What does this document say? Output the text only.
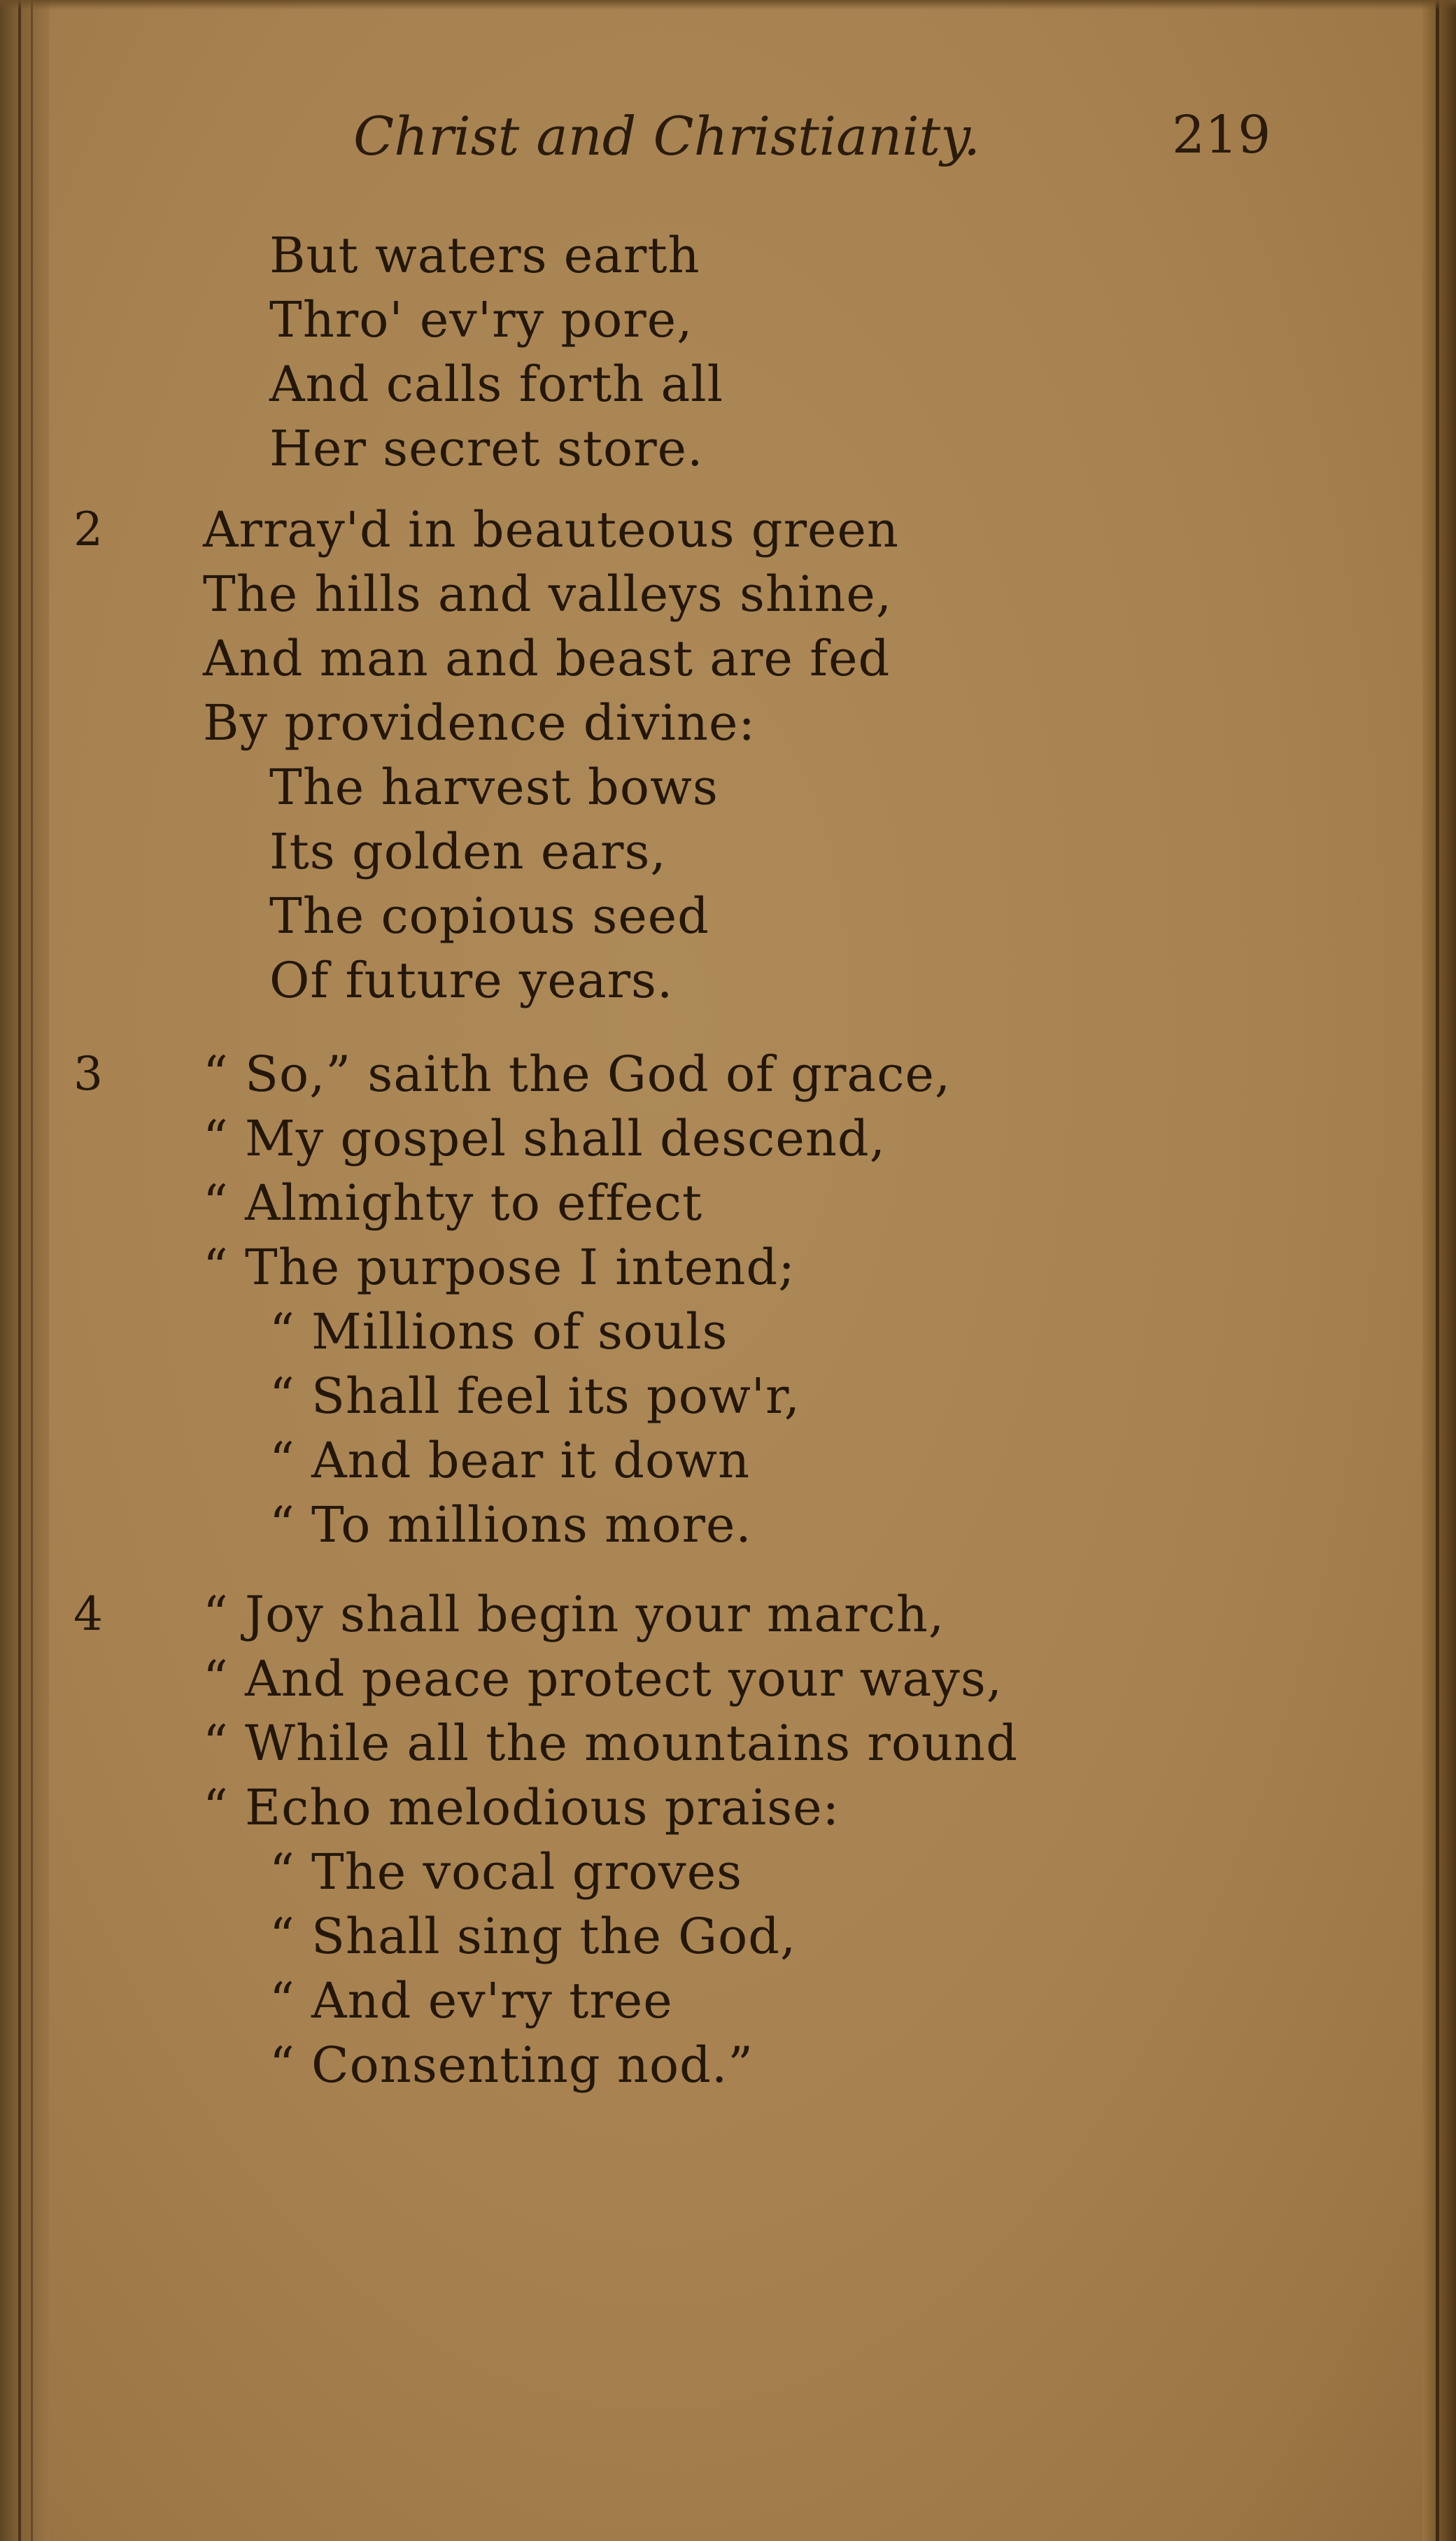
Christ and Christianity.	219
But waters earth
Thro' ev'ry pore,
And calls forth all
Her secret store.
2 Array'd in beauteous green
The hills and valleys shine,
And man and beast are fed
By providence divine:
The harvest bows
Its golden ears,
The copious seed
Of future years.
3 “ So,” saith the God of grace,
“ My gospel shall descend,
“ Almighty to effect
“ The purpose I intend;
“ Millions of souls
“ Shall feel its pow'r,
“ And bear it down
“ To millions more.
4 “ Joy shall begin your march,
“ And peace protect your ways,
“ While all the mountains round
“ Echo melodious praise:
“ The vocal groves
“ Shall sing the God,
“ And ev'ry tree
“ Consenting nod.”
